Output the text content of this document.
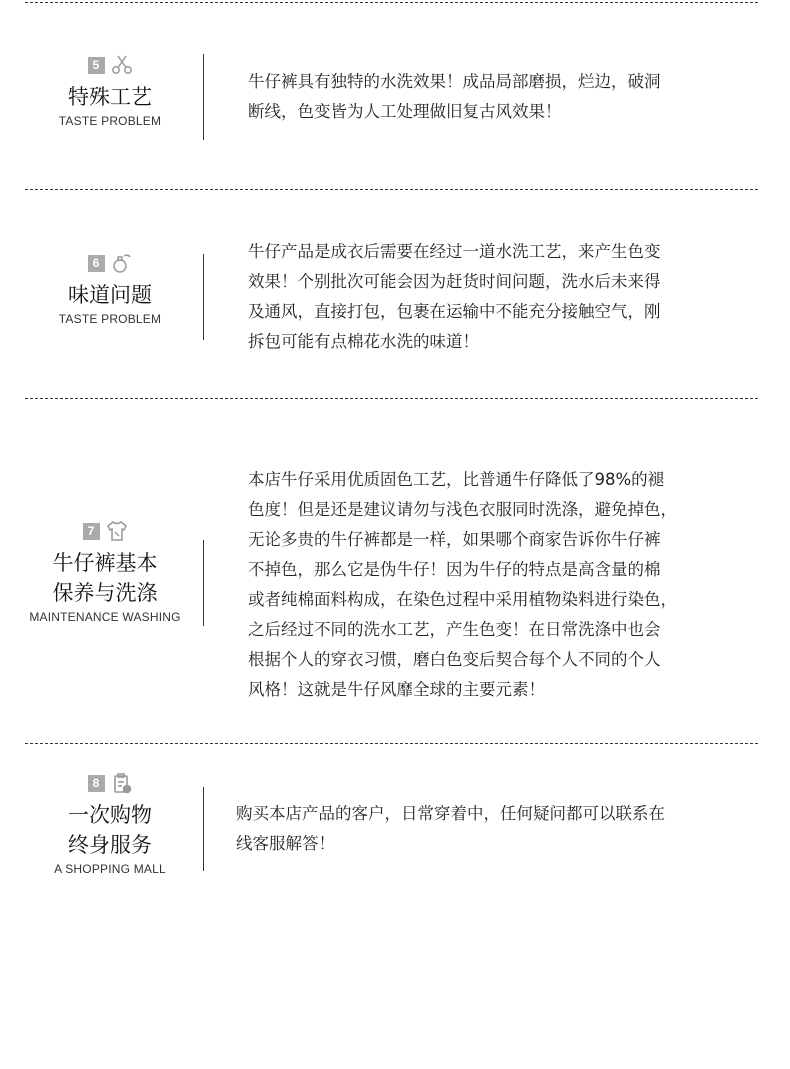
5
特殊工艺
TASTE PROBLEM
牛仔裤具有独特的水洗效果！成品局部磨损，烂边，破洞
断线，色变皆为人工处理做旧复古风效果！
6
味道问题
TASTE PROBLEM
牛仔产品是成衣后需要在经过一道水洗工艺，来产生色变
效果！个别批次可能会因为赶货时间问题，洗水后未来得
及通风，直接打包，包裹在运输中不能充分接触空气，刚
拆包可能有点棉花水洗的味道！
7
牛仔裤基本
保养与洗涤
MAINTENANCE WASHING
本店牛仔采用优质固色工艺，比普通牛仔降低了98%的褪
色度！但是还是建议请勿与浅色衣服同时洗涤，避免掉色，
无论多贵的牛仔裤都是一样，如果哪个商家告诉你牛仔裤
不掉色，那么它是伪牛仔！因为牛仔的特点是高含量的棉
或者纯棉面料构成，在染色过程中采用植物染料进行染色，
之后经过不同的洗水工艺，产生色变！在日常洗涤中也会
根据个人的穿衣习惯，磨白色变后契合每个人不同的个人
风格！这就是牛仔风靡全球的主要元素！
8
一次购物
终身服务
A SHOPPING MALL
购买本店产品的客户，日常穿着中，任何疑问都可以联系在
线客服解答！
